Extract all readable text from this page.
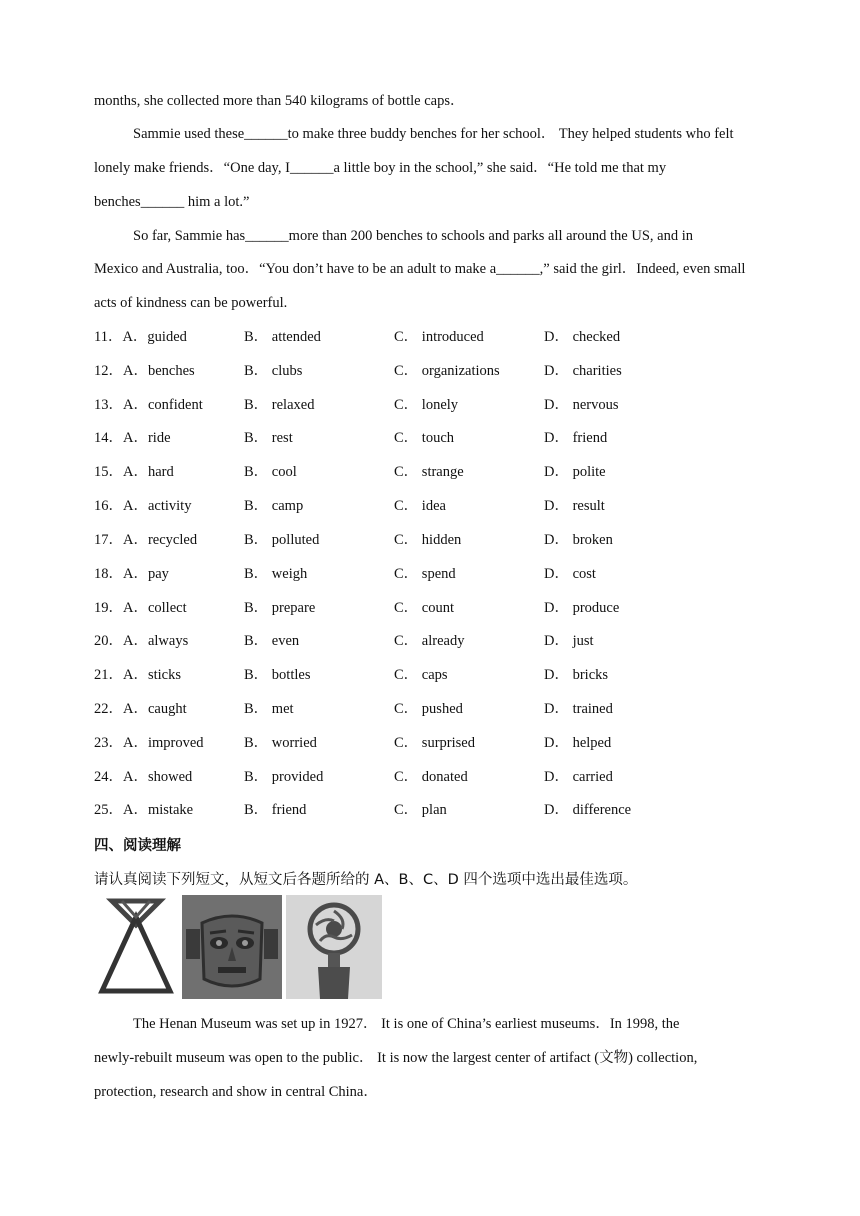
months, she collected more than 540 kilograms of bottle caps．
Sammie used these______to make three buddy benches for her school． They helped students who felt
lonely make friends．“One day, I______a little boy in the school,” she said．“He told me that my
benches______ him a lot.”
So far, Sammie has______more than 200 benches to schools and parks all around the US, and in
Mexico and Australia, too．“You don’t have to be an adult to make a______,” said the girl．Indeed, even small
acts of kindness can be powerful.
11．A．guided	B． attended	C． introduced	D． checked
12．A．benches	B． clubs	C． organizations	D． charities
13．A．confident	B． relaxed	C． lonely	D． nervous
14．A．ride	B． rest	C． touch	D． friend
15．A．hard	B． cool	C． strange	D． polite
16．A．activity	B． camp	C． idea	D． result
17．A．recycled	B． polluted	C． hidden	D． broken
18．A．pay	B． weigh	C． spend	D． cost
19．A．collect	B． prepare	C． count	D． produce
20．A．always	B． even	C． already	D． just
21．A．sticks	B． bottles	C． caps	D． bricks
22．A．caught	B． met	C． pushed	D． trained
23．A．improved	B． worried	C． surprised	D． helped
24．A．showed	B． provided	C． donated	D． carried
25．A．mistake	B． friend	C． plan	D． difference
四、阅读理解
请认真阅读下列短文，从短文后各题所给的 A、B、C、D 四个选项中选出最佳选项。
The Henan Museum was set up in 1927． It is one of China’s earliest museums．In 1998, the
newly-rebuilt museum was open to the public． It is now the largest center of artifact (文物) collection,
protection, research and show in central China．
